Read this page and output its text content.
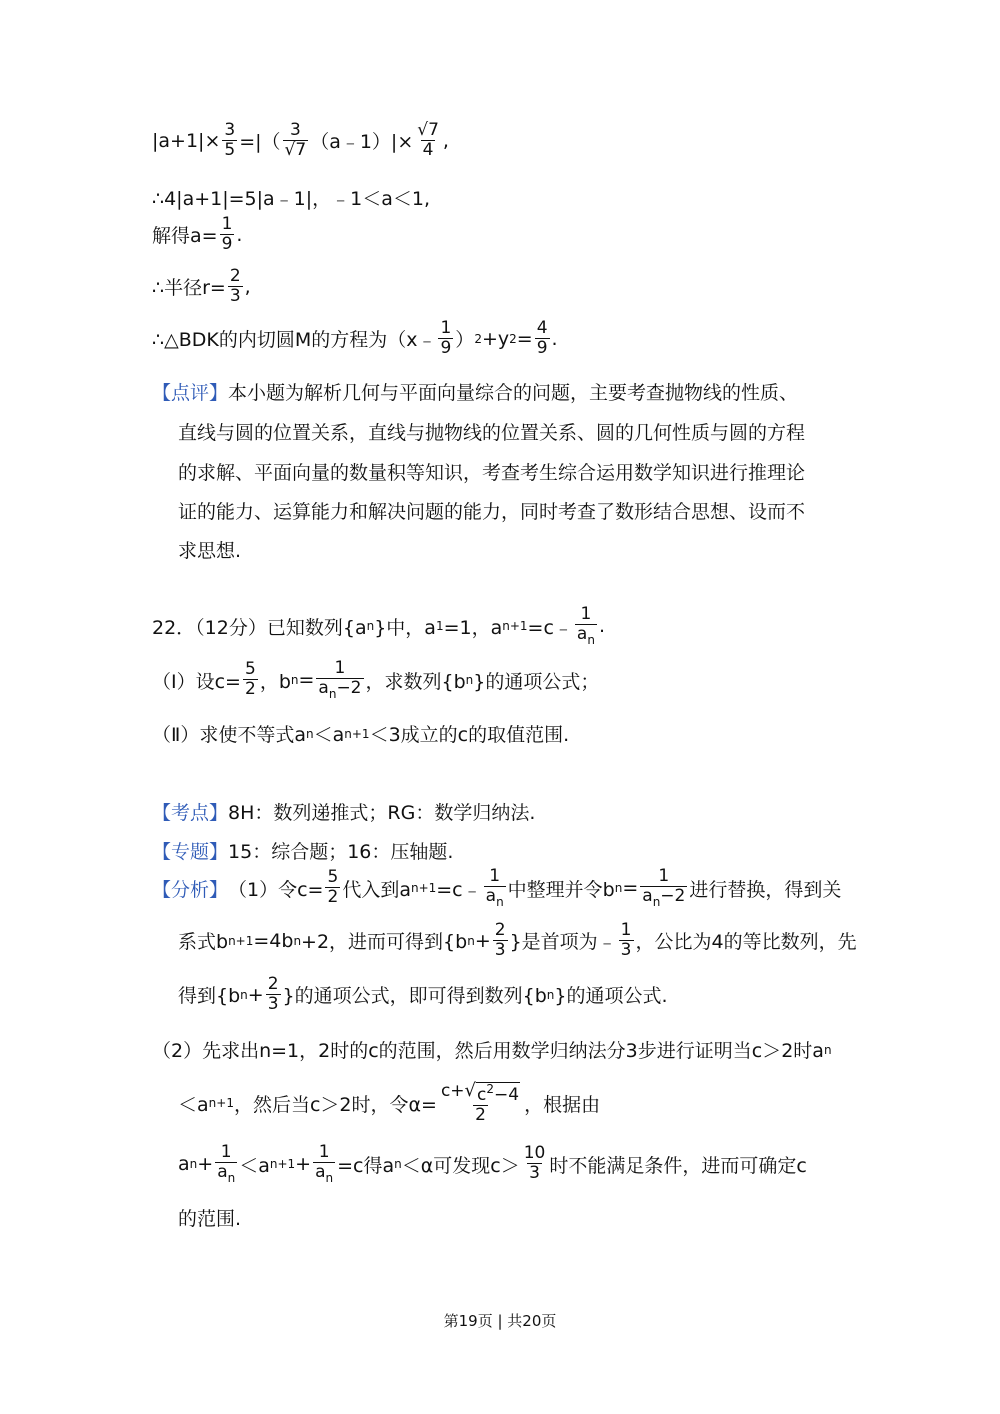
$|a+1|\times \frac{3}{5}$ =|（ $\frac{3}{√7}$ （a﹣1）|× $\frac{√7}{4}$ ,
∴4|a+1|=5|a﹣1|，﹣1＜a＜1,
解得$a= \frac{1}{9}$ .
∴半径$r= \frac{2}{3}$ ,
∴△BDK的内切圆M的方程为（x﹣ $\frac{1}{9}$ ） 2 +y $2 = \frac{4}{9}$ .
【点评】 本小题为解析几何与平面向量综合的问题，主要考查抛物线的性质、
直线与圆的位置关系，直线与抛物线的位置关系、圆的几何性质与圆的方程
的求解、平面向量的数量积等知识，考查考生综合运用数学知识进行推理论
证的能力、运算能力和解决问题的能力，同时考查了数形结合思想、设而不
求思想.
22．（12分）已知数列{a n }中，a 1 =1，a n+1 =c﹣ $\frac{1}{a_n}$ .
（Ⅰ）设$c= \frac{5}{2}$ ，b $n = \frac{1}{a_n-2}$ ，求数列{b n }的通项公式；
（Ⅱ）求使不等式a n ＜a n+1 ＜3成立的c的取值范围.
【考点】 8H：数列递推式；RG：数学归纳法.
【专题】 15：综合题；16：压轴题.
【分析】 （1）令$c= \frac{5}{2}$ 代入到a n+1 =c﹣ $\frac{1}{a_n}$ 中整理并令b $n = \frac{1}{a_n-2}$ 进行替换，得到关
系式b n+1 =4b n +2，进而可得到{b $n + \frac{2}{3}$ }是首项为﹣ $\frac{1}{3}$ ，公比为4的等比数列，先
得到{b $n + \frac{2}{3}$ }的通项公式，即可得到数列{b n }的通项公式.
（2）先求出n=1，2时的c的范围，然后用数学归纳法分3步进行证明当c＞2时a n
＜a n+1 ，然后当c＞2时，令$\alpha= \frac{c+ √ c^2-4}{2}$ ，根据由
a $n + \frac{1}{a_n} <a$ $n+1 + \frac{1}{a_n} =c$得a n ＜α可发现$c> \frac{10}{3}$ 时不能满足条件，进而可确定c
的范围.
第19页 | 共20页
